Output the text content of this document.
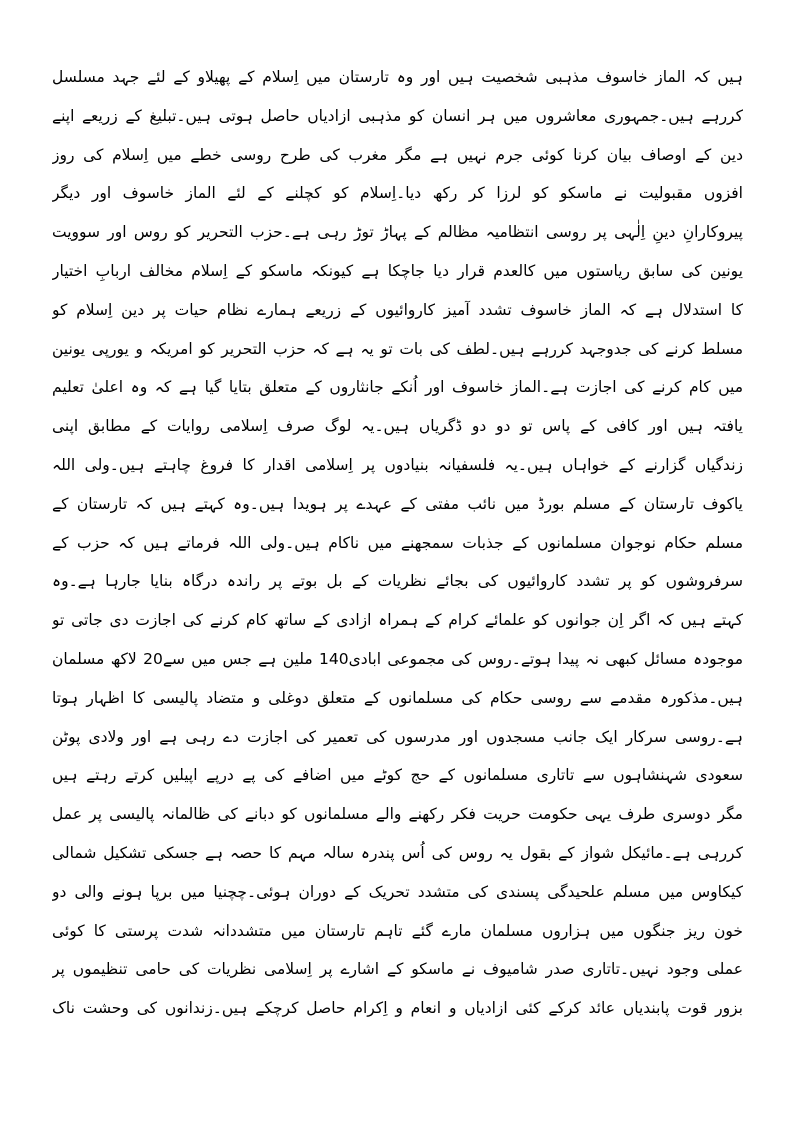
ہیں کہ الماز خاسوف مذہبی شخصیت ہیں اور وہ تارستان میں اِسلام کے پھیلاو کے لئے جہد مسلسل
کررہے ہیں۔جمہوری معاشروں میں ہر انسان کو مذہبی ازادیاں حاصل ہوتی ہیں۔تبلیغ کے زریعے اپنے
دین کے اوصاف بیان کرنا کوئی جرم نہیں ہے مگر مغرب کی طرح روسی خطے میں اِسلام کی روز
افزوں مقبولیت نے ماسکو کو لرزا کر رکھ دیا۔اِسلام کو کچلنے کے لئے الماز خاسوف اور دیگر
پیروکارانِ دینِ اِلٰہی پر روسی انتظامیہ مظالم کے پہاڑ توڑ رہی ہے۔حزب التحریر کو روس اور سوویت
یونین کی سابق ریاستوں میں کالعدم قرار دیا جاچکا ہے کیونکہ ماسکو کے اِسلام مخالف اربابِ اختیار
کا استدلال ہے کہ الماز خاسوف تشدد آمیز کاروائیوں کے زریعے ہمارے نظام حیات پر دین اِسلام کو
مسلط کرنے کی جدوجہد کررہے ہیں۔لطف کی بات تو یہ ہے کہ حزب التحریر کو امریکہ و یورپی یونین
میں کام کرنے کی اجازت ہے۔الماز خاسوف اور اُنکے جانثاروں کے متعلق بتایا گیا ہے کہ وہ اعلیٰ تعلیم
یافتہ ہیں اور کافی کے پاس تو دو دو ڈگریاں ہیں۔یہ لوگ صرف اِسلامی روایات کے مطابق اپنی
زندگیاں گزارنے کے خواہاں ہیں۔یہ فلسفیانہ بنیادوں پر اِسلامی اقدار کا فروغ چاہتے ہیں۔ولی اللہ
یاکوف تارستان کے مسلم بورڈ میں نائب مفتی کے عہدے پر ہویدا ہیں۔وہ کہتے ہیں کہ تارستان کے
مسلم حکام نوجوان مسلمانوں کے جذبات سمجھنے میں ناکام ہیں۔ولی اللہ فرماتے ہیں کہ حزب کے
سرفروشوں کو پر تشدد کاروائیوں کی بجائے نظریات کے بل بوتے پر راندہ درگاہ بنایا جارہا ہے۔وہ
کہتے ہیں کہ اگر اِن جوانوں کو علمائے کرام کے ہمراہ ازادی کے ساتھ کام کرنے کی اجازت دی جاتی تو
موجودہ مسائل کبھی نہ پیدا ہوتے۔روس کی مجموعی ابادی140 ملین ہے جس میں سے20 لاکھ مسلمان
ہیں۔مذکورہ مقدمے سے روسی حکام کی مسلمانوں کے متعلق دوغلی و متضاد پالیسی کا اظہار ہوتا
ہے۔روسی سرکار ایک جانب مسجدوں اور مدرسوں کی تعمیر کی اجازت دے رہی ہے اور ولادی پوٹن
سعودی شہنشاہوں سے تاتاری مسلمانوں کے حج کوٹے میں اضافے کی پے درپے اپیلیں کرتے رہتے ہیں
مگر دوسری طرف یہی حکومت حریت فکر رکھنے والے مسلمانوں کو دبانے کی ظالمانہ پالیسی پر عمل
کررہی ہے۔مائیکل شواز کے بقول یہ روس کی اُس پندرہ سالہ مہم کا حصہ ہے جسکی تشکیل شمالی
کیکاوس میں مسلم علحیدگی پسندی کی متشدد تحریک کے دوران ہوئی۔چچنیا میں برپا ہونے والی دو
خون ریز جنگوں میں ہزاروں مسلمان مارے گئے تاہم تارستان میں متشددانہ شدت پرستی کا کوئی
عملی وجود نہیں۔تاتاری صدر شامیوف نے ماسکو کے اشارے پر اِسلامی نظریات کی حامی تنظیموں پر
بزور قوت پابندیاں عائد کرکے کئی ازادیاں و انعام و اِکرام حاصل کرچکے ہیں۔زندانوں کی وحشت ناک
